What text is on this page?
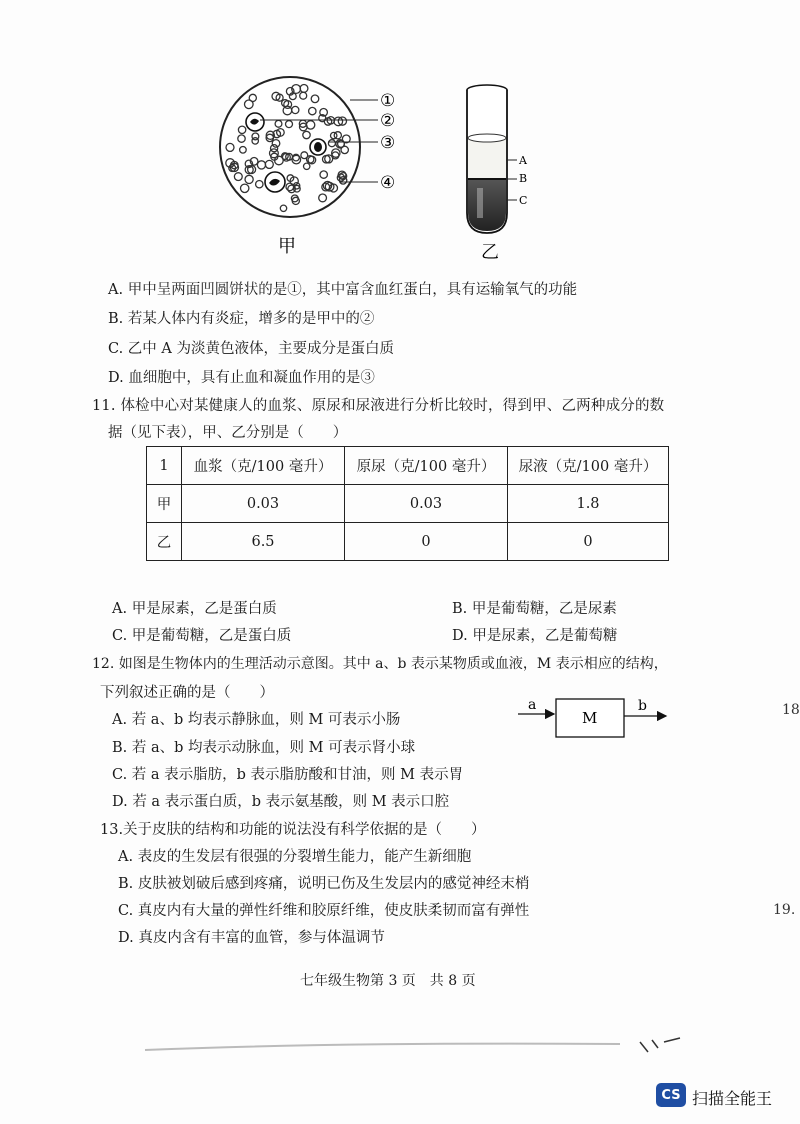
①
②
③
④
甲
A
B
C
乙
A. 甲中呈两面凹圆饼状的是①，其中富含血红蛋白，具有运输氧气的功能
B. 若某人体内有炎症，增多的是甲中的②
C. 乙中 A 为淡黄色液体，主要成分是蛋白质
D. 血细胞中，具有止血和凝血作用的是③
11. 体检中心对某健康人的血浆、原尿和尿液进行分析比较时，得到甲、乙两种成分的数
据（见下表），甲、乙分别是（　　）
1	血浆（克/100 毫升）	原尿（克/100 毫升）	尿液（克/100 毫升）
甲	0.03	0.03	1.8
乙	6.5	0	0
A. 甲是尿素，乙是蛋白质	B. 甲是葡萄糖，乙是尿素
C. 甲是葡萄糖，乙是蛋白质	D. 甲是尿素，乙是葡萄糖
12. 如图是生物体内的生理活动示意图。其中 a、b 表示某物质或血液，M 表示相应的结构，
下列叙述正确的是（　　）
a
M
b
A. 若 a、b 均表示静脉血，则 M 可表示小肠
B. 若 a、b 均表示动脉血，则 M 可表示肾小球
C. 若 a 表示脂肪，b 表示脂肪酸和甘油，则 M 表示胃
D. 若 a 表示蛋白质，b 表示氨基酸，则 M 表示口腔
13.关于皮肤的结构和功能的说法没有科学依据的是（　　）
A. 表皮的生发层有很强的分裂增生能力，能产生新细胞
B. 皮肤被划破后感到疼痛，说明已伤及生发层内的感觉神经末梢
C. 真皮内有大量的弹性纤维和胶原纤维，使皮肤柔韧而富有弹性
D. 真皮内含有丰富的血管，参与体温调节
七年级生物第 3 页　共 8 页
18
19.
CS 扫描全能王
